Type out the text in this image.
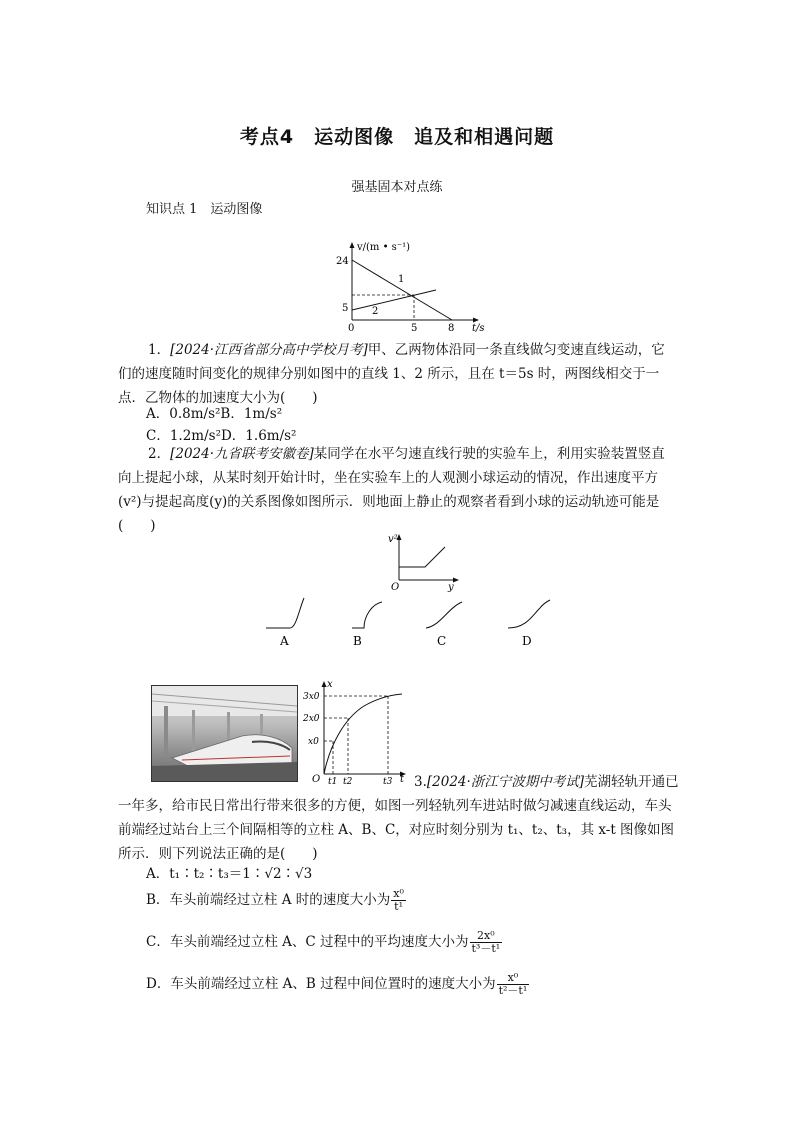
考点4　运动图像　追及和相遇问题
强基固本对点练
知识点 1　运动图像
v/(m • s⁻¹)
24
5
0	5	8 t/s
1
2
1．[2024·江西省部分高中学校月考]甲、乙两物体沿同一条直线做匀变速直线运动，它们的速度随时间变化的规律分别如图中的直线 1、2 所示，且在 t＝5s 时，两图线相交于一点．乙物体的加速度大小为(　　)
A．0.8m/s²B．1m/s²
C．1.2m/s²D．1.6m/s²
2．[2024·九省联考安徽卷]某同学在水平匀速直线行驶的实验车上，利用实验装置竖直向上提起小球，从某时刻开始计时，坐在实验车上的人观测小球运动的情况，作出速度平方(v²)与提起高度(y)的关系图像如图所示．则地面上静止的观察者看到小球的运动轨迹可能是(　　)
v²
O	y
A	B	C	D
x
3x0
2x0
x0
O t1 t2	t3 t 3.[2024·浙江宁波期中考试]芜湖轻轨开通已
一年多，给市民日常出行带来很多的方便，如图一列轻轨列车进站时做匀减速直线运动，车头前端经过站台上三个间隔相等的立柱 A、B、C，对应时刻分别为 t₁、t₂、t₃，其 x-t 图像如图所示．则下列说法正确的是(　　)
A．t₁∶t₂∶t₃＝1∶√2∶√3
B．车头前端经过立柱 A 时的速度大小为 $\frac{\text{x⁰}}{\text{t¹}}$
C．车头前端经过立柱 A、C 过程中的平均速度大小为 $\frac{\text{2x⁰}}{\text{t³－t¹}}$
D．车头前端经过立柱 A、B 过程中间位置时的速度大小为 $\frac{\text{x⁰}}{\text{t²－t¹}}$
